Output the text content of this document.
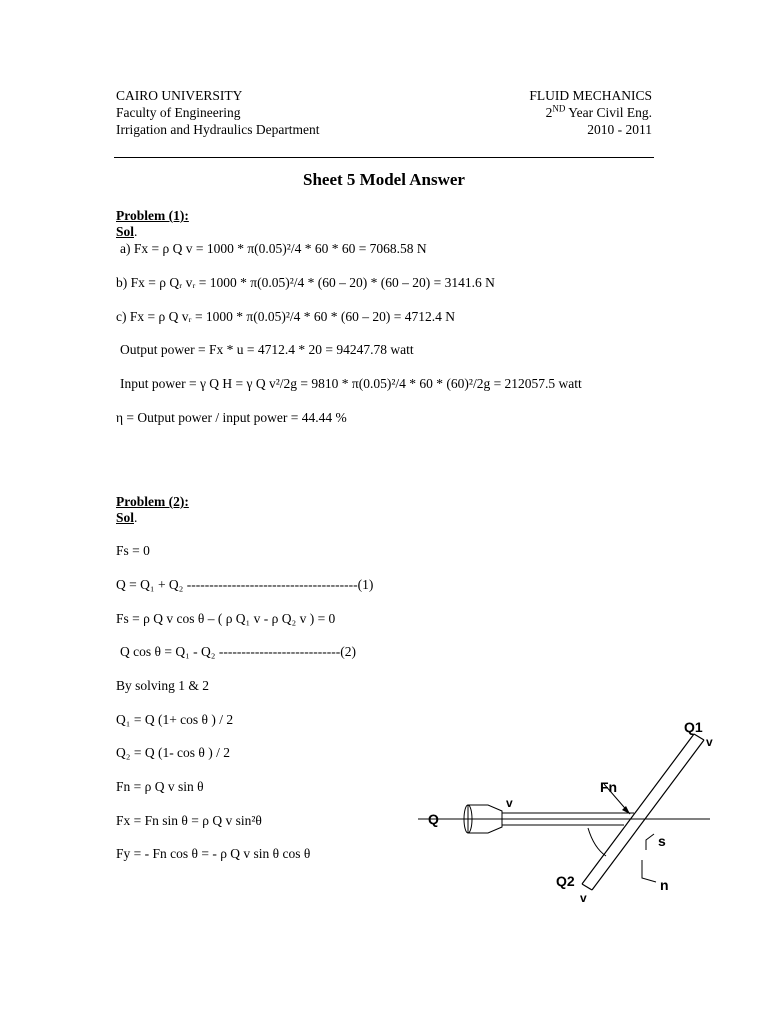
CAIRO UNIVERSITY
Faculty of Engineering
Irrigation and Hydraulics Department
FLUID MECHANICS
2ND Year Civil Eng.
2010 - 2011
Sheet 5 Model Answer
Problem (1):
Sol.
a) Fx = ρ Q v = 1000 * π(0.05)²/4 * 60 * 60 = 7068.58 N
b) Fx = ρ Qᵣ vᵣ = 1000 * π(0.05)²/4 * (60 – 20) * (60 – 20) = 3141.6 N
c) Fx = ρ Q vᵣ = 1000 * π(0.05)²/4 * 60 * (60 – 20) = 4712.4 N
Output power = Fx * u = 4712.4 * 20 = 94247.78 watt
Input power = γ Q H = γ Q v²/2g = 9810 * π(0.05)²/4 * 60 * (60)²/2g = 212057.5 watt
η = Output power / input power = 44.44 %
Problem (2):
Sol.
Fs = 0
Q = Q₁ + Q₂ --------------------------------------(1)
Fs = ρ Q v cos θ – ( ρ Q₁ v - ρ Q₂ v ) = 0
Q cos θ = Q₁ - Q₂ ---------------------------(2)
By solving 1 & 2
Q₁ = Q (1+ cos θ ) / 2
Q₂ = Q (1- cos θ ) / 2
Fn = ρ Q v sin θ
Fx = Fn sin θ = ρ Q v sin²θ
Fy = - Fn cos θ = - ρ Q v sin θ cos θ
Q
v
Q1
v
Fn
s
Q2
v
n
